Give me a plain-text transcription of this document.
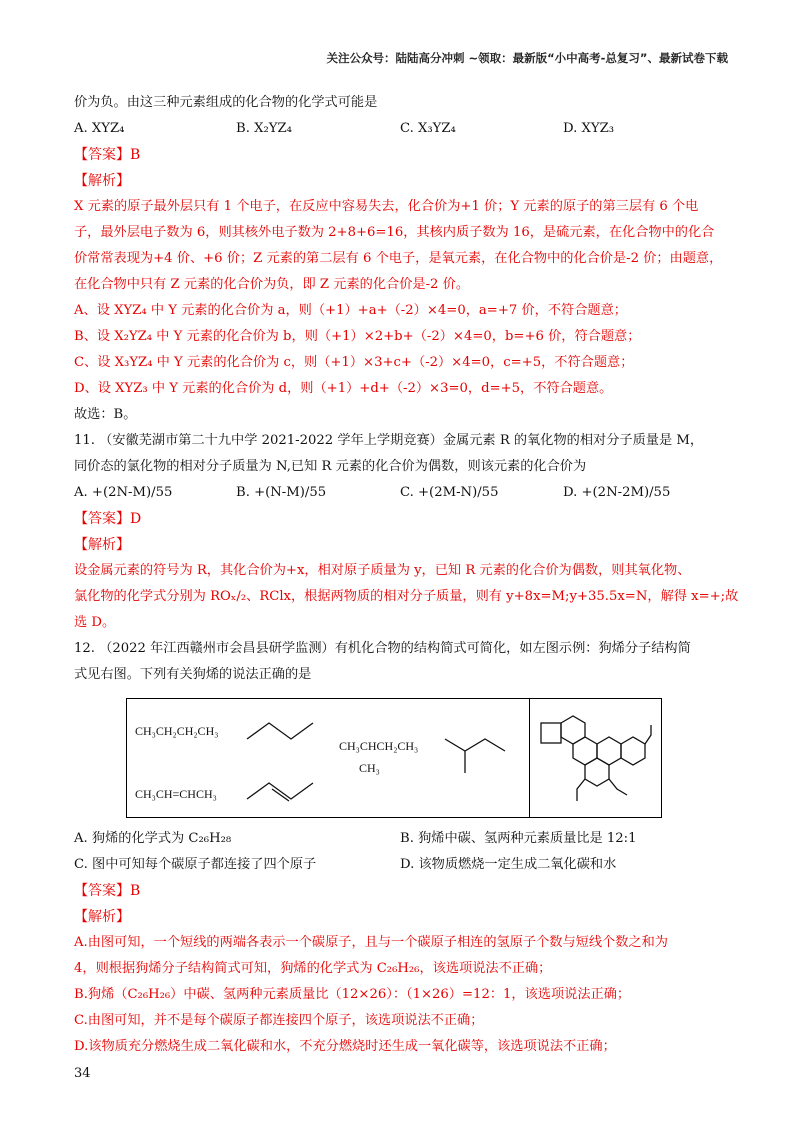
关注公众号：陆陆高分冲刺 ~领取：最新版“小中高考-总复习”、最新试卷下载
价为负。由这三种元素组成的化合物的化学式可能是
A. XYZ₄	B. X₂YZ₄	C. X₃YZ₄	D. XYZ₃
【答案】B
【解析】
X 元素的原子最外层只有 1 个电子，在反应中容易失去，化合价为+1 价；Y 元素的原子的第三层有 6 个电
子，最外层电子数为 6，则其核外电子数为 2+8+6=16，其核内质子数为 16，是硫元素，在化合物中的化合
价常常表现为+4 价、+6 价；Z 元素的第二层有 6 个电子，是氧元素，在化合物中的化合价是-2 价；由题意，
在化合物中只有 Z 元素的化合价为负，即 Z 元素的化合价是-2 价。
A、设 XYZ₄ 中 Y 元素的化合价为 a，则（+1）+a+（-2）×4=0，a=+7 价，不符合题意；
B、设 X₂YZ₄ 中 Y 元素的化合价为 b，则（+1）×2+b+（-2）×4=0，b=+6 价，符合题意；
C、设 X₃YZ₄ 中 Y 元素的化合价为 c，则（+1）×3+c+（-2）×4=0，c=+5，不符合题意；
D、设 XYZ₃ 中 Y 元素的化合价为 d，则（+1）+d+（-2）×3=0，d=+5，不符合题意。
故选：B。
11. （安徽芜湖市第二十九中学 2021-2022 学年上学期竞赛）金属元素 R 的氧化物的相对分子质量是 M，
同价态的氯化物的相对分子质量为 N,已知 R 元素的化合价为偶数，则该元素的化合价为
A. +(2N-M)/55	B. +(N-M)/55	C. +(2M-N)/55	D. +(2N-2M)/55
【答案】D
【解析】
设金属元素的符号为 R，其化合价为+x，相对原子质量为 y，已知 R 元素的化合价为偶数，则其氧化物、
氯化物的化学式分别为 ROₓ/₂、RClx，根据两物质的相对分子质量，则有 y+8x=M;y+35.5x=N，解得 x=+;故
选 D。
12. （2022 年江西赣州市会昌县研学监测）有机化合物的结构简式可简化，如左图示例：狗烯分子结构简
式见右图。下列有关狗烯的说法正确的是
CH₃CH₂CH₂CH₃
CH₃CH=CHCH₃
CH₃CHCH₂CH₃
CH₃
A. 狗烯的化学式为 C₂₆H₂₈	B. 狗烯中碳、氢两种元素质量比是 12:1
C. 图中可知每个碳原子都连接了四个原子	D. 该物质燃烧一定生成二氧化碳和水
【答案】B
【解析】
A.由图可知，一个短线的两端各表示一个碳原子，且与一个碳原子相连的氢原子个数与短线个数之和为
4，则根据狗烯分子结构简式可知，狗烯的化学式为 C₂₆H₂₆，该选项说法不正确；
B.狗烯（C₂₆H₂₆）中碳、氢两种元素质量比（12×26）：（1×26）=12：1，该选项说法正确；
C.由图可知，并不是每个碳原子都连接四个原子，该选项说法不正确；
D.该物质充分燃烧生成二氧化碳和水，不充分燃烧时还生成一氧化碳等，该选项说法不正确；
34
